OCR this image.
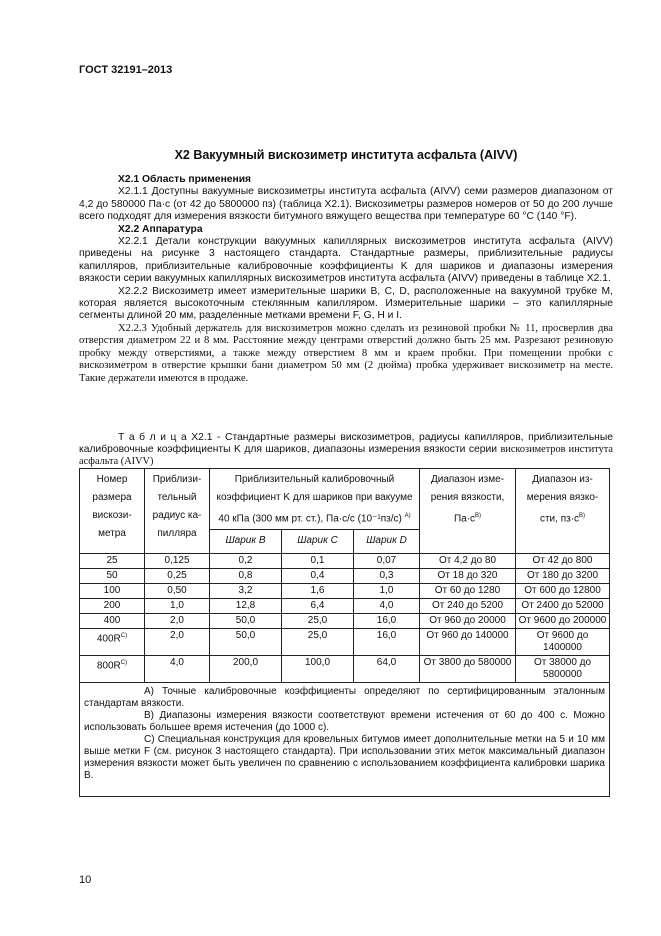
ГОСТ 32191–2013
X2 Вакуумный вискозиметр института асфальта (AIVV)

X2.1 Область применения

X2.1.1 Доступны вакуумные вискозиметры института асфальта (AIVV) семи размеров диапазоном от 4,2 до 580000 Па·с (от 42 до 5800000 пз) (таблица X2.1). Вискозиметры размеров номеров от 50 до 200 лучше всего подходят для измерения вязкости битумного вяжущего вещества при температуре 60 °C (140 °F).

X2.2 Аппаратура

X2.2.1 Детали конструкции вакуумных капиллярных вискозиметров института асфальта (AIVV) приведены на рисунке 3 настоящего стандарта. Стандартные размеры, приблизительные радиусы капилляров, приблизительные калибровочные коэффициенты K для шариков и диапазоны измерения вязкости серии вакуумных капиллярных вискозиметров института асфальта (AIVV) приведены в таблице X2.1.

X2.2.2 Вискозиметр имеет измерительные шарики B, C, D, расположенные на вакуумной трубке M, которая является высокоточным стеклянным капилляром. Измерительные шарики – это капиллярные сегменты длиной 20 мм, разделенные метками времени F, G, H и I.

X2.2.3 Удобный держатель для вискозиметров можно сделать из резиновой пробки № 11, просверлив два отверстия диаметром 22 и 8 мм. Расстояние между центрами отверстий должно быть 25 мм. Разрезают резиновую пробку между отверстиями, а также между отверстием 8 мм и краем пробки. При помещении пробки с вискозиметром в отверстие крышки бани диаметром 50 мм (2 дюйма) пробка удерживает вискозиметр на месте. Такие держатели имеются в продаже.

Т а б л и ц а X2.1 - Стандартные размеры вискозиметров, радиусы капилляров, приблизительные калибровочные коэффициенты K для шариков, диапазоны измерения вязкости серии вискозиметров института асфальта (AIVV)

Номер размера вискози-метра	Приблизи-тельный радиус ка-пилляра	Приблизительный калибровочный коэффициент K для шариков при вакууме 40 кПа (300 мм рт. ст.), Па·с/с (10⁻¹пз/с) $^{A)}$			Диапазон изме-рения вязкости, $Па\cdot с^{B)}$	Диапазон из-мерения вязко-сти, $пз\cdot с^{B)}$
		Шарик B	Шарик C	Шарик D		
25	0,125	0,2	0,1	0,07	От 4,2 до 80	От 42 до 800
50	0,25	0,8	0,4	0,3	От 18 до 320	От 180 до 3200
100	0,50	3,2	1,6	1,0	От 60 до 1280	От 600 до 12800
200	1,0	12,8	6,4	4,0	От 240 до 5200	От 2400 до 52000
400	2,0	50,0	25,0	16,0	От 960 до 20000	От 9600 до 200000
$400R^{C)}$	2,0	50,0	25,0	16,0	От 960 до 140000	От 9600 до 1400000
$800R^{C)}$	4,0	200,0	100,0	64,0	От 3800 до 580000	От 38000 до 5800000

A) Точные калибровочные коэффициенты определяют по сертифицированным эталонным стандартам вязкости.

B) Диапазоны измерения вязкости соответствуют времени истечения от 60 до 400 с. Можно использовать большее время истечения (до 1000 с).

C) Специальная конструкция для кровельных битумов имеет дополнительные метки на 5 и 10 мм выше метки F (см. рисунок 3 настоящего стандарта). При использовании этих меток максимальный диапазон измерения вязкости может быть увеличен по сравнению с использованием коэффициента калибровки шарика B.						

10
